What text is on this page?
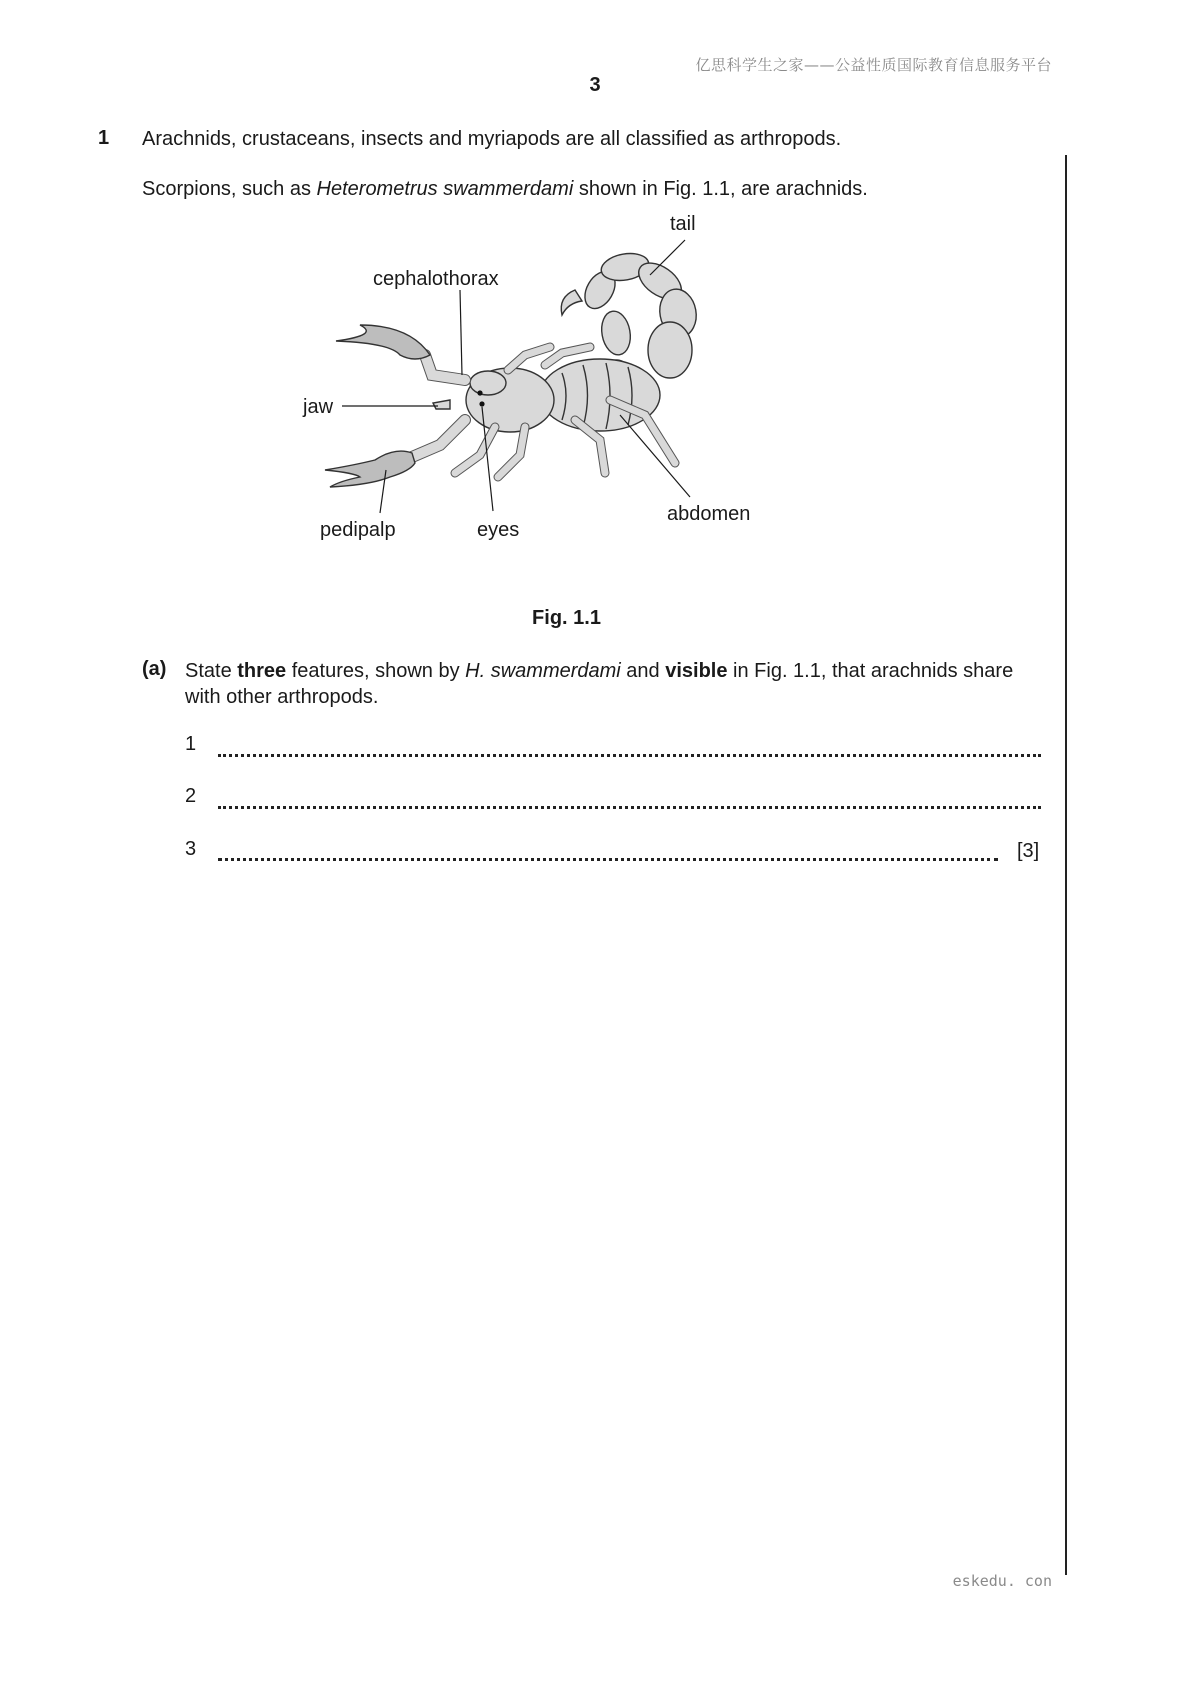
亿思科学生之家——公益性质国际教育信息服务平台
3
1 Arachnids, crustaceans, insects and myriapods are all classified as arthropods.
Scorpions, such as Heterometrus swammerdami shown in Fig. 1.1, are arachnids.
tail
cephalothorax
jaw
pedipalp	eyes
abdomen
Fig. 1.1
(a) State three features, shown by H. swammerdami and visible in Fig. 1.1, that arachnids share with other arthropods.
1
2
3	[3]
eskedu. con
